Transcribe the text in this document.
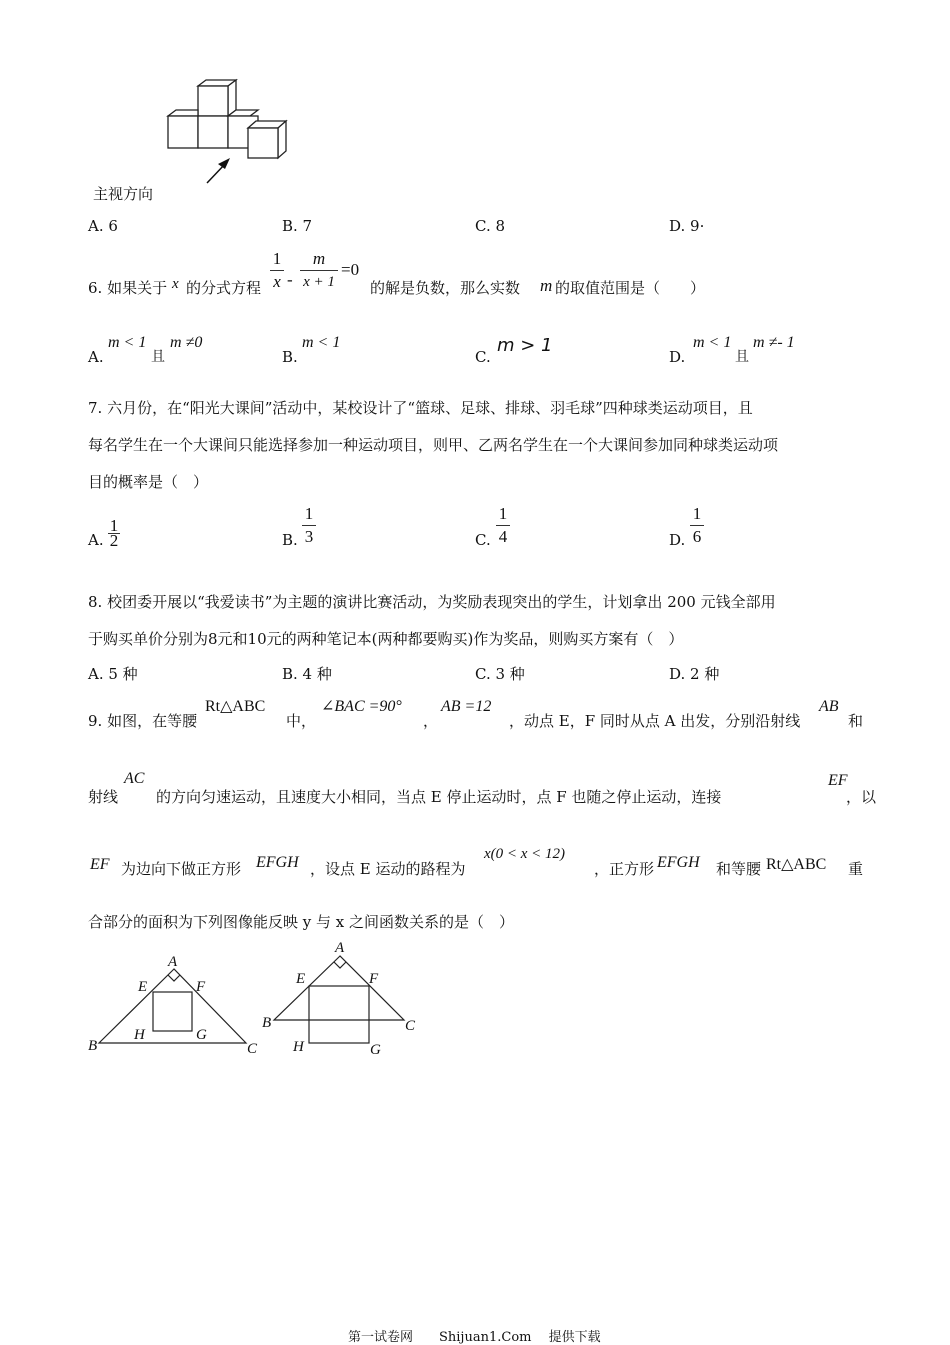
主视方向
A. 6	B. 7	C. 8	D. 9·
6. 如果关于 x 的分式方程
1
x -
m
x + 1
=0
的解是负数，那么实数 m 的取值范围是（　　）
A.
m < 1
且
m ≠0
B.
m < 1
C.
m > 1
D.
m < 1
且
m ≠- 1
7. 六月份，在“阳光大课间”活动中，某校设计了“篮球、足球、排球、羽毛球”四种球类运动项目，且
每名学生在一个大课间只能选择参加一种运动项目，则甲、乙两名学生在一个大课间参加同种球类运动项
目的概率是（　）
A.
1
2	B.
1
3	C.
1
4	D.
1
6
8. 校团委开展以“我爱读书”为主题的演讲比赛活动，为奖励表现突出的学生，计划拿出 200 元钱全部用
于购买单价分别为8元和10元的两种笔记本(两种都要购买)作为奖品，则购买方案有（　）
A. 5 种	B. 4 种	C. 3 种	D. 2 种
9. 如图，在等腰
Rt△ABC
中，
∠BAC =90°
，
AB =12
，动点 E，F 同时从点 A 出发，分别沿射线
AB
和
射线
AC
的方向匀速运动，且速度大小相同，当点 E 停止运动时，点 F 也随之停止运动，连接
EF
，以
EF 为边向下做正方形 EFGH ，设点 E 运动的路程为
x(0 < x < 12)
，正方形 EFGH 和等腰 Rt△ABC 重
合部分的面积为下列图像能反映 y 与 x 之间函数关系的是（　）
A
E	F
B
H	G
C
A
E	F
B
H	G
C
第一试卷网　　Shijuan1.Com　 提供下载
